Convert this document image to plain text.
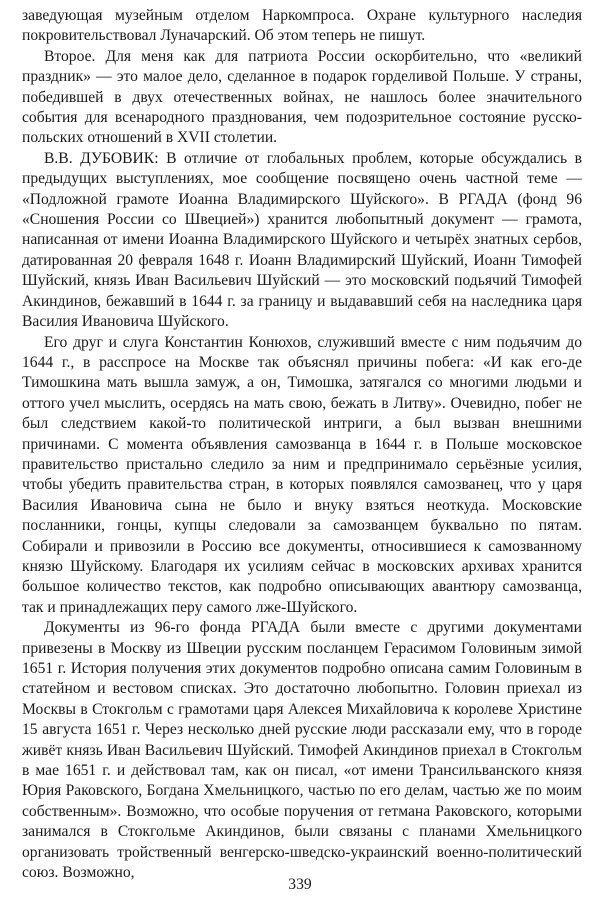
заведующая музейным отделом Наркомпроса. Охране культурного наследия покровительствовал Луначарский. Об этом теперь не пишут.

Второе. Для меня как для патриота России оскорбительно, что «великий праздник» — это малое дело, сделанное в подарок горделивой Польше. У страны, победившей в двух отечественных войнах, не нашлось более значительного события для всенародного празднования, чем подозрительное состояние русско-польских отношений в XVII столетии.

В.В. ДУБОВИК: В отличие от глобальных проблем, которые обсуждались в предыдущих выступлениях, мое сообщение посвящено очень частной теме — «Подложной грамоте Иоанна Владимирского Шуйского». В РГАДА (фонд 96 «Сношения России со Швецией») хранится любопытный документ — грамота, написанная от имени Иоанна Владимирского Шуйского и четырёх знатных сербов, датированная 20 февраля 1648 г. Иоанн Владимирский Шуйский, Иоанн Тимофей Шуйский, князь Иван Васильевич Шуйский — это московский подьячий Тимофей Акиндинов, бежавший в 1644 г. за границу и выдававший себя на наследника царя Василия Ивановича Шуйского.

Его друг и слуга Константин Конюхов, служивший вместе с ним подьячим до 1644 г., в расспросе на Москве так объяснял причины побега: «И как его-де Тимошкина мать вышла замуж, а он, Тимошка, затягался со многими людьми и оттого учел мыслить, осердясь на мать свою, бежать в Литву». Очевидно, побег не был следствием какой-то политической интриги, а был вызван внешними причинами. С момента объявления самозванца в 1644 г. в Польше московское правительство пристально следило за ним и предпринимало серьёзные усилия, чтобы убедить правительства стран, в которых появлялся самозванец, что у царя Василия Ивановича сына не было и внуку взяться неоткуда. Московские посланники, гонцы, купцы следовали за самозванцем буквально по пятам. Собирали и привозили в Россию все документы, относившиеся к самозванному князю Шуйскому. Благодаря их усилиям сейчас в московских архивах хранится большое количество текстов, как подробно описывающих авантюру самозванца, так и принадлежащих перу самого лже-Шуйского.

Документы из 96-го фонда РГАДА были вместе с другими документами привезены в Москву из Швеции русским посланцем Герасимом Головиным зимой 1651 г. История получения этих документов подробно описана самим Головиным в статейном и вестовом списках. Это достаточно любопытно. Головин приехал из Москвы в Стокгольм с грамотами царя Алексея Михайловича к королеве Христине 15 августа 1651 г. Через несколько дней русские люди рассказали ему, что в городе живёт князь Иван Васильевич Шуйский. Тимофей Акиндинов приехал в Стокгольм в мае 1651 г. и действовал там, как он писал, «от имени Трансильванского князя Юрия Раковского, Богдана Хмельницкого, частью по его делам, частью же по моим собственным». Возможно, что особые поручения от гетмана Раковского, которыми занимался в Стокгольме Акиндинов, были связаны с планами Хмельницкого организовать тройственный венгерско-шведско-украинский военно-политический союз. Возможно,

339
